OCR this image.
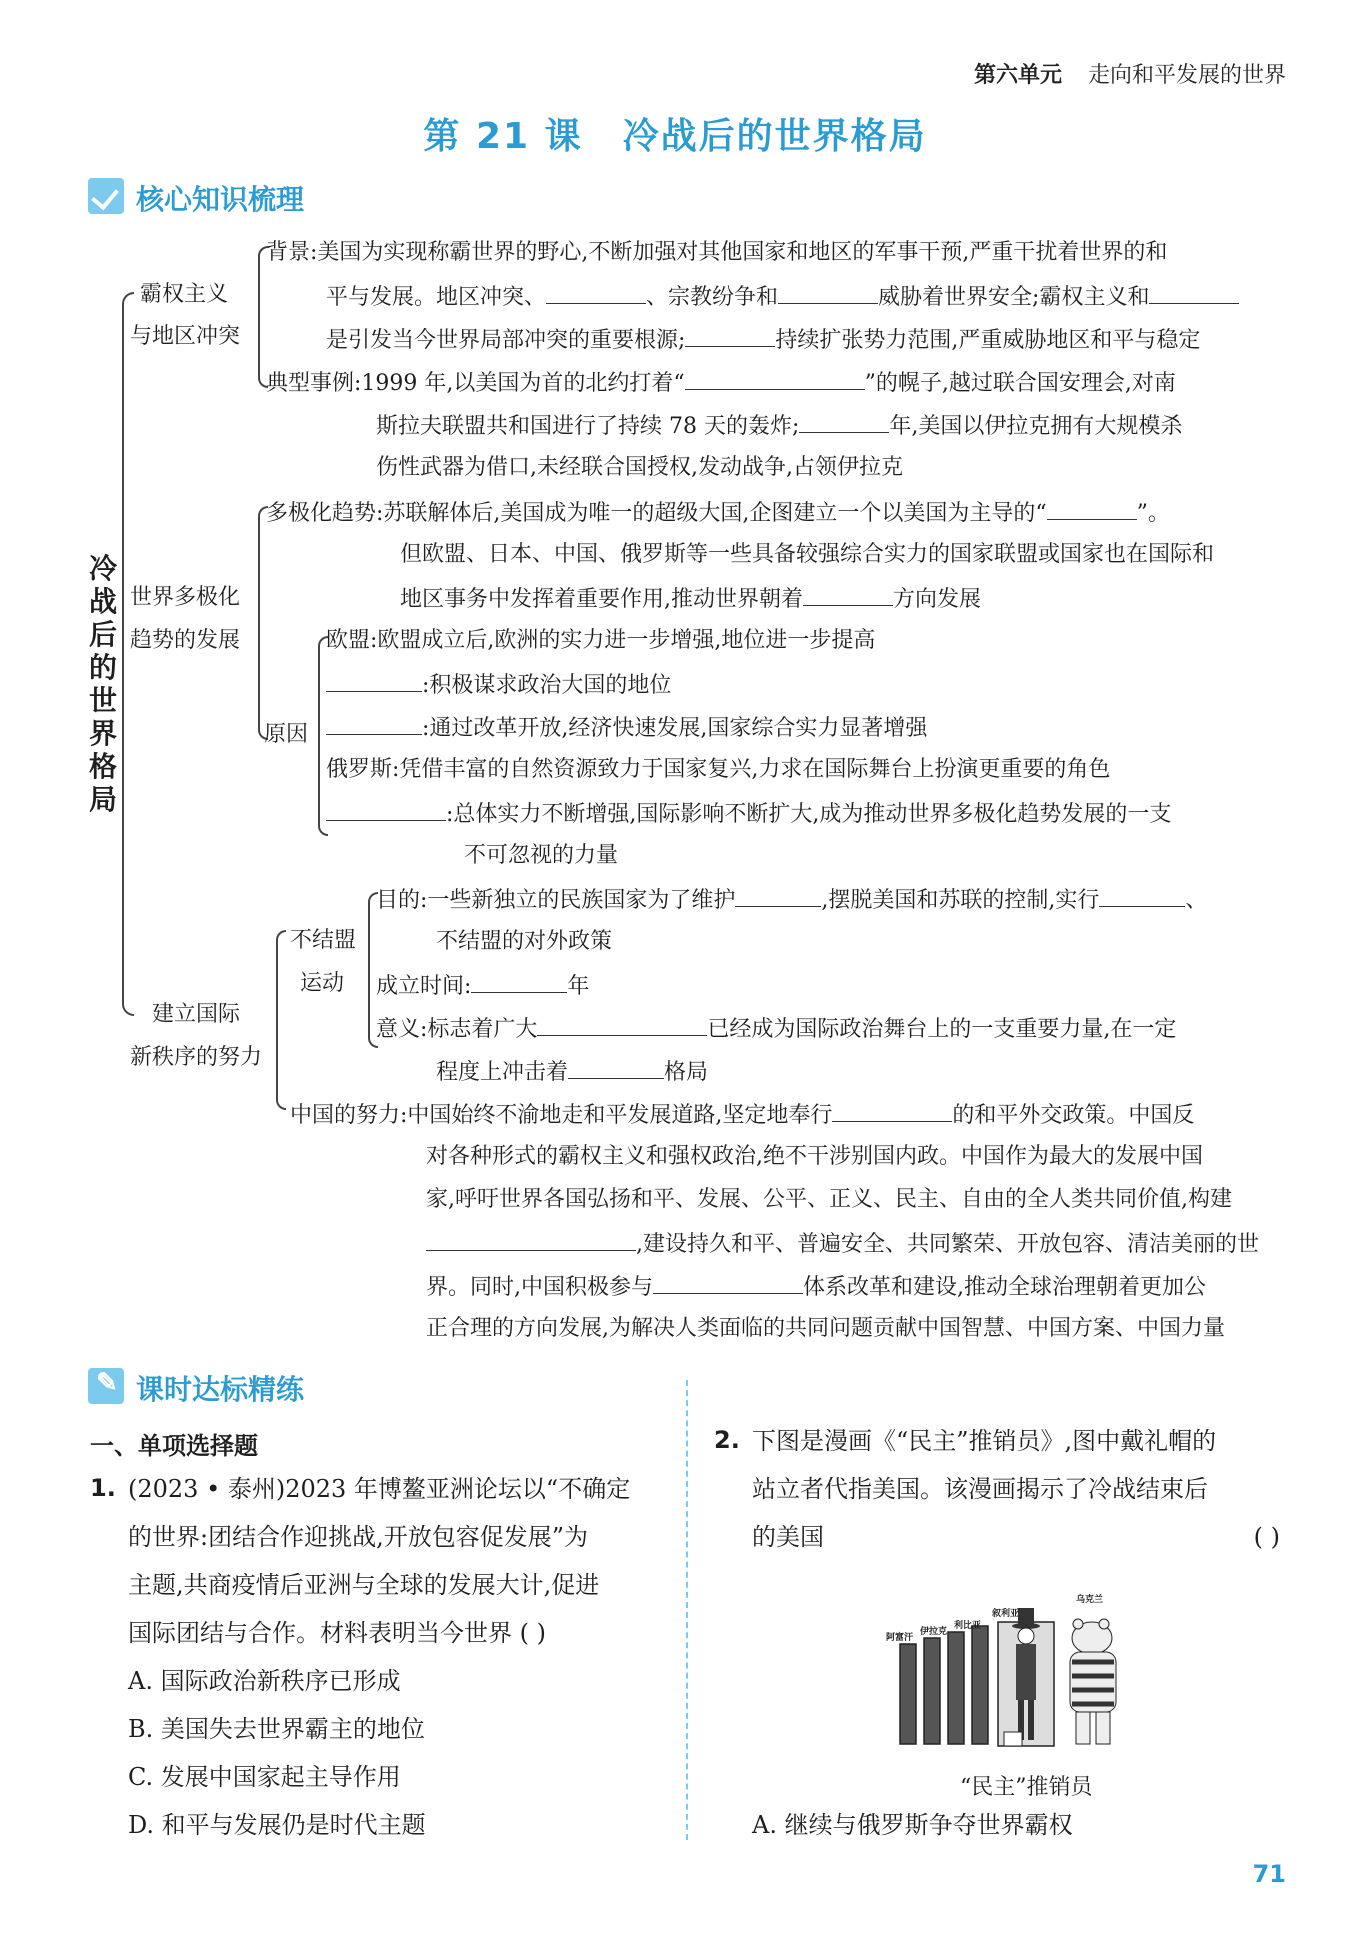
第六单元 走向和平发展的世界
第 21 课 冷战后的世界格局
核心知识梳理
冷战后的世界格局
霸权主义
与地区冲突
背景:美国为实现称霸世界的野心,不断加强对其他国家和地区的军事干预,严重干扰着世界的和
平与发展。地区冲突、	、宗教纷争和	威胁着世界安全;霸权主义和
是引发当今世界局部冲突的重要根源;	持续扩张势力范围,严重威胁地区和平与稳定
典型事例:1999 年,以美国为首的北约打着“	”的幌子,越过联合国安理会,对南
斯拉夫联盟共和国进行了持续 78 天的轰炸;	年,美国以伊拉克拥有大规模杀
伤性武器为借口,未经联合国授权,发动战争,占领伊拉克
世界多极化
趋势的发展
多极化趋势:苏联解体后,美国成为唯一的超级大国,企图建立一个以美国为主导的“	”。
但欧盟、日本、中国、俄罗斯等一些具备较强综合实力的国家联盟或国家也在国际和
地区事务中发挥着重要作用,推动世界朝着	方向发展
原因
欧盟:欧盟成立后,欧洲的实力进一步增强,地位进一步提高
:积极谋求政治大国的地位
:通过改革开放,经济快速发展,国家综合实力显著增强
俄罗斯:凭借丰富的自然资源致力于国家复兴,力求在国际舞台上扮演更重要的角色
:总体实力不断增强,国际影响不断扩大,成为推动世界多极化趋势发展的一支
不可忽视的力量
建立国际
新秩序的努力
不结盟
运动
目的:一些新独立的民族国家为了维护	,摆脱美国和苏联的控制,实行	、
不结盟的对外政策
成立时间:	年
意义:标志着广大	已经成为国际政治舞台上的一支重要力量,在一定
程度上冲击着	格局
中国的努力:中国始终不渝地走和平发展道路,坚定地奉行	的和平外交政策。中国反
对各种形式的霸权主义和强权政治,绝不干涉别国内政。中国作为最大的发展中国
家,呼吁世界各国弘扬和平、发展、公平、正义、民主、自由的全人类共同价值,构建
,建设持久和平、普遍安全、共同繁荣、开放包容、清洁美丽的世
界。同时,中国积极参与	体系改革和建设,推动全球治理朝着更加公
正合理的方向发展,为解决人类面临的共同问题贡献中国智慧、中国方案、中国力量
✎
课时达标精练
一、单项选择题
1. (2023 • 泰州)2023 年博鳌亚洲论坛以“不确定
的世界:团结合作迎挑战,开放包容促发展”为
主题,共商疫情后亚洲与全球的发展大计,促进
国际团结与合作。材料表明当今世界 ( )
A. 国际政治新秩序已形成
B. 美国失去世界霸主的地位
C. 发展中国家起主导作用
D. 和平与发展仍是时代主题
2. 下图是漫画《“民主”推销员》,图中戴礼帽的
站立者代指美国。该漫画揭示了冷战结束后
的美国	( )
阿富汗
伊拉克
利比亚
叙利亚
乌克兰
“民主”推销员
A. 继续与俄罗斯争夺世界霸权
71
